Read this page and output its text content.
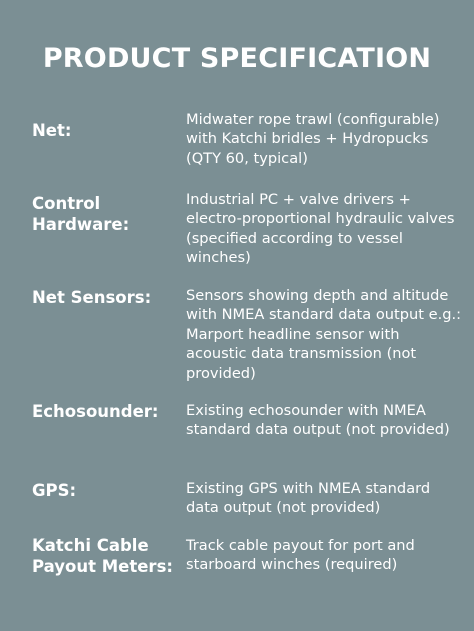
PRODUCT SPECIFICATION
Net:
Midwater rope trawl (configurable) with Katchi bridles + Hydropucks (QTY 60, typical)
Control
Hardware:
Industrial PC + valve drivers + electro-proportional hydraulic valves (specified according to vessel winches)
Net Sensors:	Sensors showing depth and altitude with NMEA standard data output e.g.: Marport headline sensor with acoustic data transmission (not provided)
Echosounder:	Existing echosounder with NMEA standard data output (not provided)
GPS:	Existing GPS with NMEA standard data output (not provided)
Katchi Cable
Payout Meters:
Track cable payout for port and starboard winches (required)
